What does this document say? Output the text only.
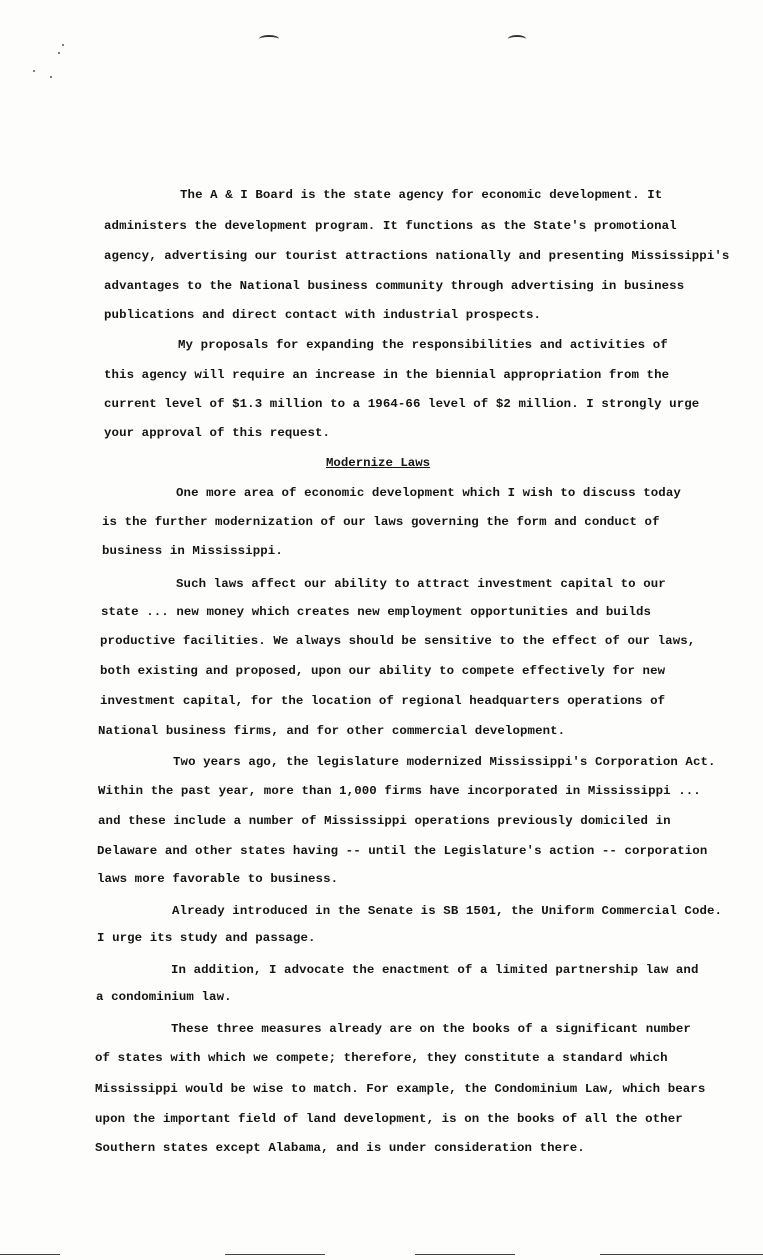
The A & I Board is the state agency for economic development. It
administers the development program. It functions as the State's promotional
agency, advertising our tourist attractions nationally and presenting Mississippi's
advantages to the National business community through advertising in business
publications and direct contact with industrial prospects.
My proposals for expanding the responsibilities and activities of
this agency will require an increase in the biennial appropriation from the
current level of $1.3 million to a 1964-66 level of $2 million. I strongly urge
your approval of this request.
Modernize Laws
One more area of economic development which I wish to discuss today
is the further modernization of our laws governing the form and conduct of
business in Mississippi.
Such laws affect our ability to attract investment capital to our
state ... new money which creates new employment opportunities and builds
productive facilities. We always should be sensitive to the effect of our laws,
both existing and proposed, upon our ability to compete effectively for new
investment capital, for the location of regional headquarters operations of
National business firms, and for other commercial development.
Two years ago, the legislature modernized Mississippi's Corporation Act.
Within the past year, more than 1,000 firms have incorporated in Mississippi ...
and these include a number of Mississippi operations previously domiciled in
Delaware and other states having -- until the Legislature's action -- corporation
laws more favorable to business.
Already introduced in the Senate is SB 1501, the Uniform Commercial Code.
I urge its study and passage.
In addition, I advocate the enactment of a limited partnership law and
a condominium law.
These three measures already are on the books of a significant number
of states with which we compete; therefore, they constitute a standard which
Mississippi would be wise to match. For example, the Condominium Law, which bears
upon the important field of land development, is on the books of all the other
Southern states except Alabama, and is under consideration there.
